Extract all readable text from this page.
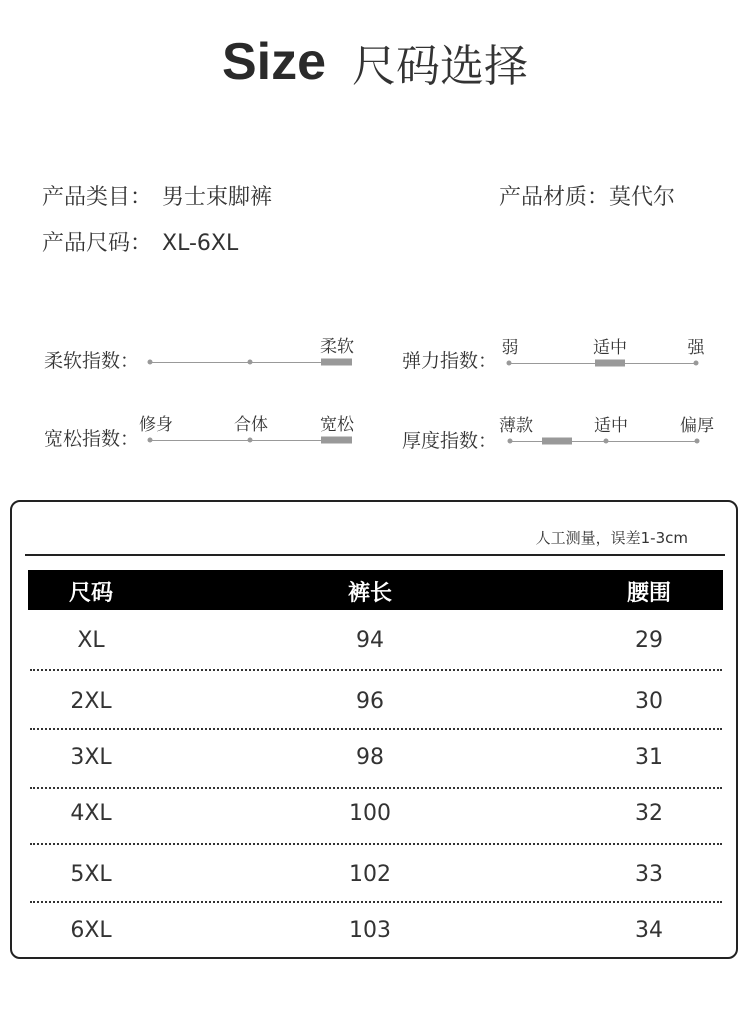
Size 尺码选择
产品类目： 男士束脚裤	产品材质：莫代尔
产品尺码： XL-6XL
柔软指数：
柔软
弹力指数：
弱	适中	强
宽松指数：
修身	合体	宽松
厚度指数：
薄款	适中	偏厚
人工测量，误差1-3cm
尺码	裤长	腰围
XL	94	29
2XL	96	30
3XL	98	31
4XL	100	32
5XL	102	33
6XL	103	34
